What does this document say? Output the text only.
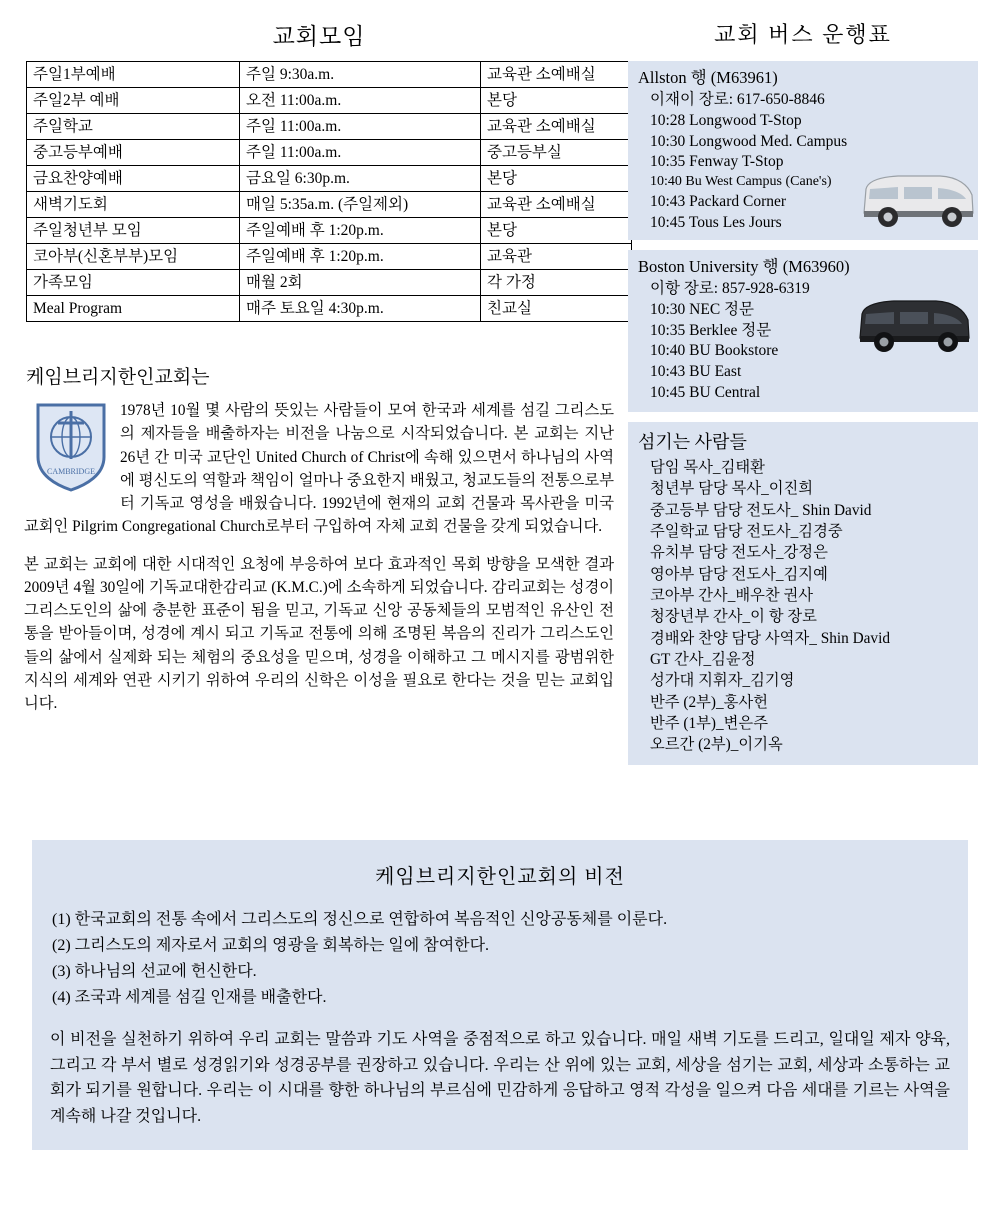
교회모임
주일1부예배	주일 9:30a.m.	교육관 소예배실
주일2부 예배	오전 11:00a.m.	본당
주일학교	주일 11:00a.m.	교육관 소예배실
중고등부예배	주일 11:00a.m.	중고등부실
금요찬양예배	금요일 6:30p.m.	본당
새벽기도회	매일 5:35a.m. (주일제외)	교육관 소예배실
주일청년부 모임	주일예배 후 1:20p.m.	본당
코아부(신혼부부)모임	주일예배 후 1:20p.m.	교육관
가족모임	매월 2회	각 가정
Meal Program	매주 토요일 4:30p.m.	친교실
케임브리지한인교회는
CAMBRIDGE

1978년 10월 몇 사람의 뜻있는 사람들이 모여 한국과 세계를 섬길 그리스도의 제자들을 배출하자는 비전을 나눔으로 시작되었습니다. 본 교회는 지난 26년 간 미국 교단인 United Church of Christ에 속해 있으면서 하나님의 사역에 평신도의 역할과 책임이 얼마나 중요한지 배웠고, 청교도들의 전통으로부터 기독교 영성을 배웠습니다. 1992년에 현재의 교회 건물과 목사관을 미국 교회인 Pilgrim Congregational Church로부터 구입하여 자체 교회 건물을 갖게 되었습니다.

본 교회는 교회에 대한 시대적인 요청에 부응하여 보다 효과적인 목회 방향을 모색한 결과 2009년 4월 30일에 기독교대한감리교 (K.M.C.)에 소속하게 되었습니다. 감리교회는 성경이 그리스도인의 삶에 충분한 표준이 됨을 믿고, 기독교 신앙 공동체들의 모범적인 유산인 전통을 받아들이며, 성경에 계시 되고 기독교 전통에 의해 조명된 복음의 진리가 그리스도인들의 삶에서 실제화 되는 체험의 중요성을 믿으며, 성경을 이해하고 그 메시지를 광범위한 지식의 세계와 연관 시키기 위하여 우리의 신학은 이성을 필요로 한다는 것을 믿는 교회입니다.

교회 버스 운행표
Allston 행 (M63961)
이재이 장로: 617-650-8846
10:28 Longwood T-Stop
10:30 Longwood Med. Campus
10:35 Fenway T-Stop
10:40 Bu West Campus (Cane's)
10:43 Packard Corner
10:45 Tous Les Jours
Boston University 행 (M63960)
이항 장로: 857-928-6319
10:30 NEC 정문
10:35 Berklee 정문
10:40 BU Bookstore
10:43 BU East
10:45 BU Central
섬기는 사람들
담임 목사_김태환
청년부 담당 목사_이진희
중고등부 담당 전도사_ Shin David
주일학교 담당 전도사_김경중
유치부 담당 전도사_강정은
영아부 담당 전도사_김지예
코아부 간사_배우찬 권사
청장년부 간사_이 항 장로
경배와 찬양 담당 사역자_ Shin David
GT 간사_김윤정
성가대 지휘자_김기영
반주 (2부)_홍사헌
반주 (1부)_변은주
오르간 (2부)_이기옥
케임브리지한인교회의 비전
(1) 한국교회의 전통 속에서 그리스도의 정신으로 연합하여 복음적인 신앙공동체를 이룬다.
(2) 그리스도의 제자로서 교회의 영광을 회복하는 일에 참여한다.
(3) 하나님의 선교에 헌신한다.
(4) 조국과 세계를 섬길 인재를 배출한다.

이 비전을 실천하기 위하여 우리 교회는 말씀과 기도 사역을 중점적으로 하고 있습니다. 매일 새벽 기도를 드리고, 일대일 제자 양육, 그리고 각 부서 별로 성경읽기와 성경공부를 권장하고 있습니다. 우리는 산 위에 있는 교회, 세상을 섬기는 교회, 세상과 소통하는 교회가 되기를 원합니다. 우리는 이 시대를 향한 하나님의 부르심에 민감하게 응답하고 영적 각성을 일으켜 다음 세대를 기르는 사역을 계속해 나갈 것입니다.
